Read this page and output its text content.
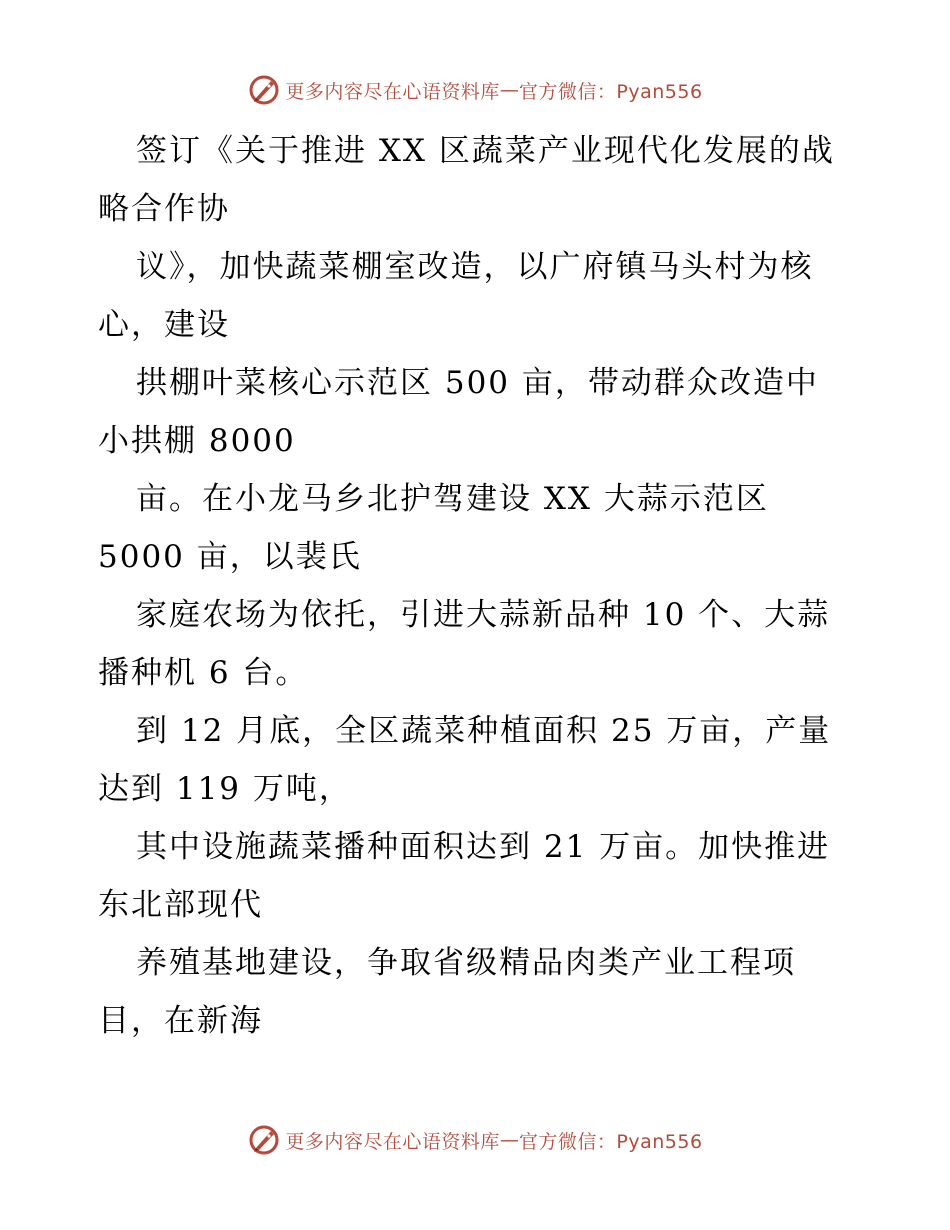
更多内容尽在心语资料库 — 官方微信：Pyan556
签订《关于推进 XX 区蔬菜产业现代化发展的战
略合作协
议》，加快蔬菜棚室改造，以广府镇马头村为核
心，建设
拱棚叶菜核心示范区 500 亩，带动群众改造中
小拱棚 8000
亩。在小龙马乡北护驾建设 XX 大蒜示范区
5000 亩，以裴氏
家庭农场为依托，引进大蒜新品种 10 个、大蒜
播种机 6 台。
到 12 月底，全区蔬菜种植面积 25 万亩，产量
达到 119 万吨，
其中设施蔬菜播种面积达到 21 万亩。加快推进
东北部现代
养殖基地建设，争取省级精品肉类产业工程项
目，在新海
更多内容尽在心语资料库 — 官方微信：Pyan556
